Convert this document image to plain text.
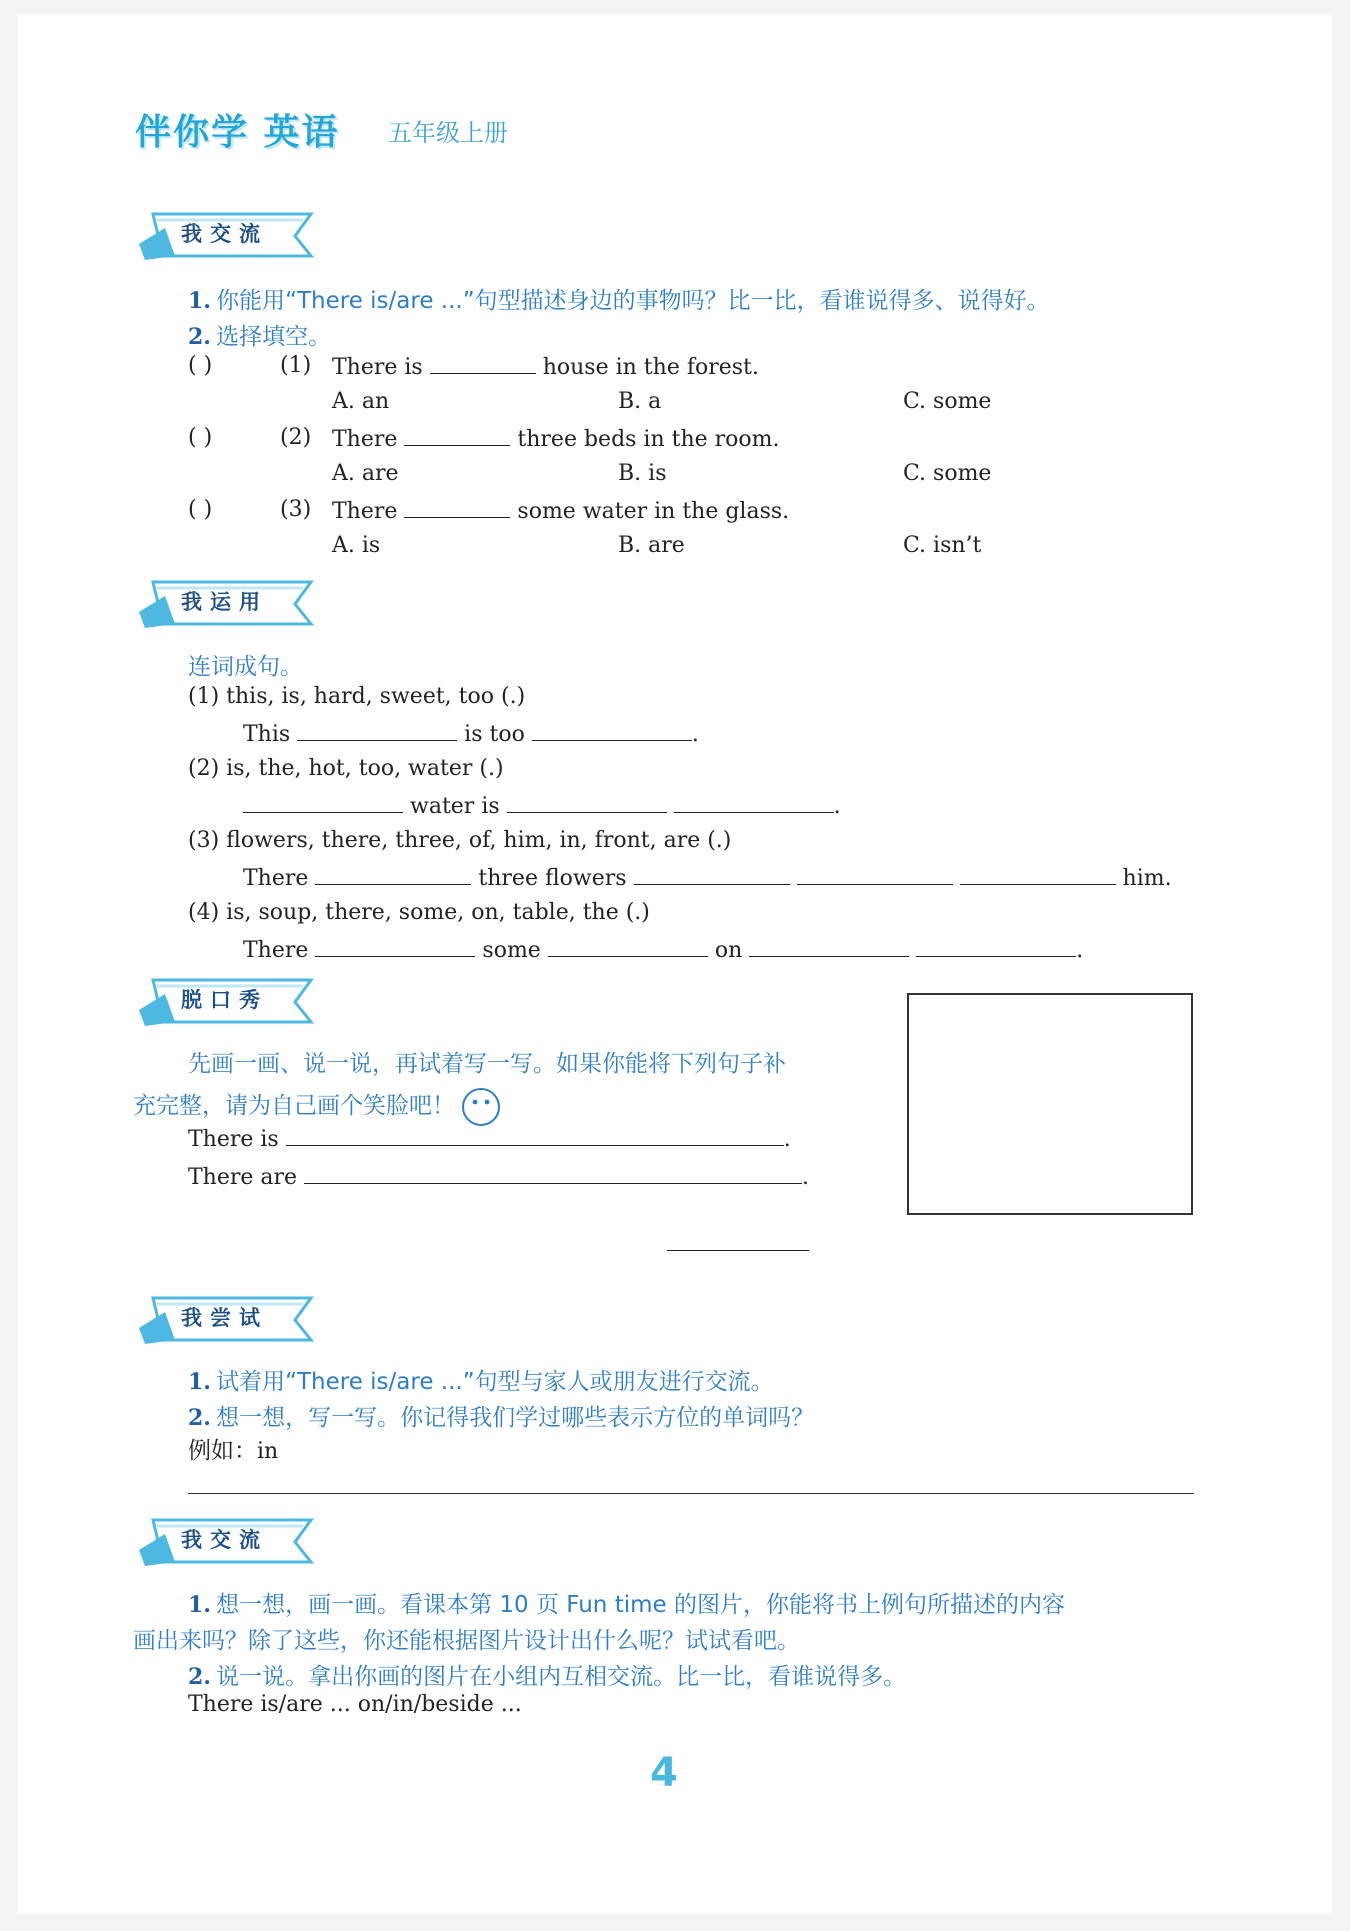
伴你学 英语 五年级上册
我交流
1. 你能用“There is/are ...”句型描述身边的事物吗？比一比，看谁说得多、说得好。
2. 选择填空。
( )	(1) There is	house in the forest.
A. an	B. a	C. some
( )	(2) There	three beds in the room.
A. are	B. is	C. some
( )	(3) There	some water in the glass.
A. is	B. are	C. isn’t
我运用
连词成句。
(1) this, is, hard, sweet, too (.)
This	is too	.
(2) is, the, hot, too, water (.)
water is	.
(3) flowers, there, three, of, him, in, front, are (.)
There	three flowers	him.
(4) is, soup, there, some, on, table, the (.)
There	some	on	.
脱口秀
先画一画、说一说，再试着写一写。如果你能将下列句子补
充完整，请为自己画个笑脸吧！
There is	.
There are	.
我尝试
1. 试着用“There is/are ...”句型与家人或朋友进行交流。
2. 想一想，写一写。你记得我们学过哪些表示方位的单词吗？
例如：in
我交流
1. 想一想，画一画。看课本第 10 页 Fun time 的图片，你能将书上例句所描述的内容
画出来吗？除了这些，你还能根据图片设计出什么呢？试试看吧。
2. 说一说。拿出你画的图片在小组内互相交流。比一比，看谁说得多。
There is/are ... on/in/beside ...
4
